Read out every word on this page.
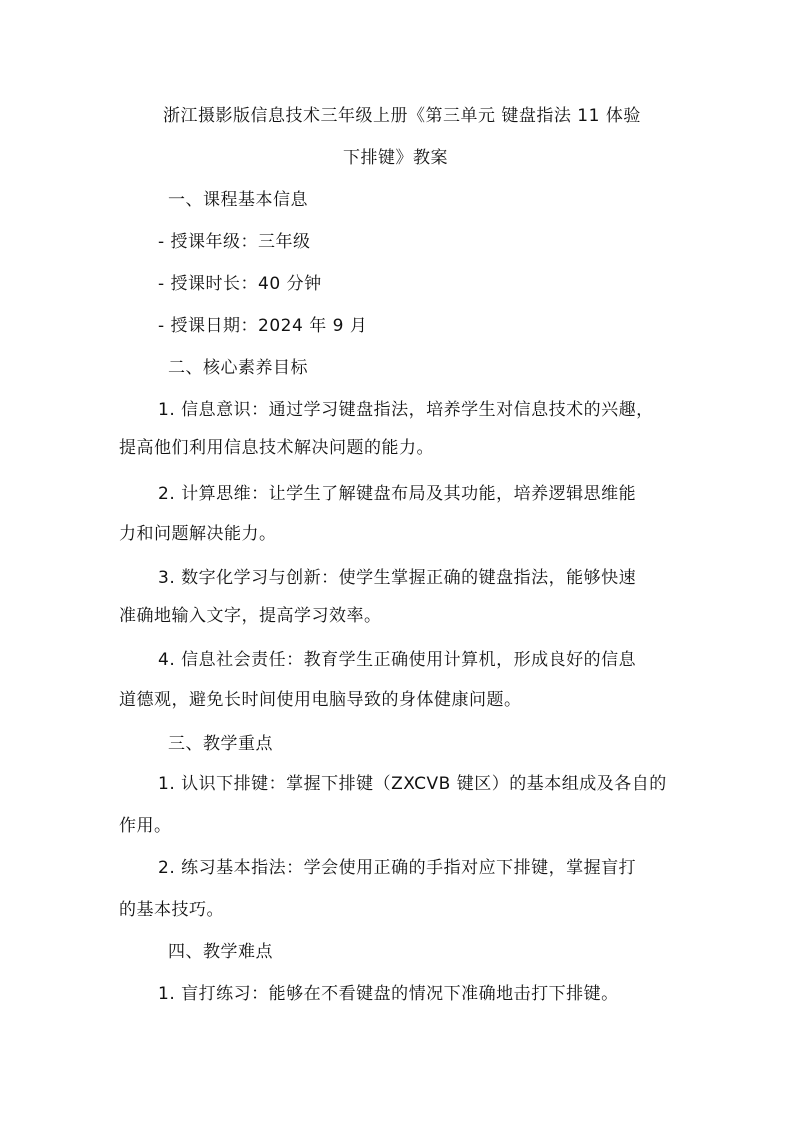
浙江摄影版信息技术三年级上册《第三单元 键盘指法 11 体验
下排键》教案
一、课程基本信息
- 授课年级：三年级
- 授课时长：40 分钟
- 授课日期：2024 年 9 月
二、核心素养目标
1. 信息意识：通过学习键盘指法，培养学生对信息技术的兴趣，
提高他们利用信息技术解决问题的能力。
2. 计算思维：让学生了解键盘布局及其功能，培养逻辑思维能
力和问题解决能力。
3. 数字化学习与创新：使学生掌握正确的键盘指法，能够快速
准确地输入文字，提高学习效率。
4. 信息社会责任：教育学生正确使用计算机，形成良好的信息
道德观，避免长时间使用电脑导致的身体健康问题。
三、教学重点
1. 认识下排键：掌握下排键（ZXCVB 键区）的基本组成及各自的
作用。
2. 练习基本指法：学会使用正确的手指对应下排键，掌握盲打
的基本技巧。
四、教学难点
1. 盲打练习：能够在不看键盘的情况下准确地击打下排键。
